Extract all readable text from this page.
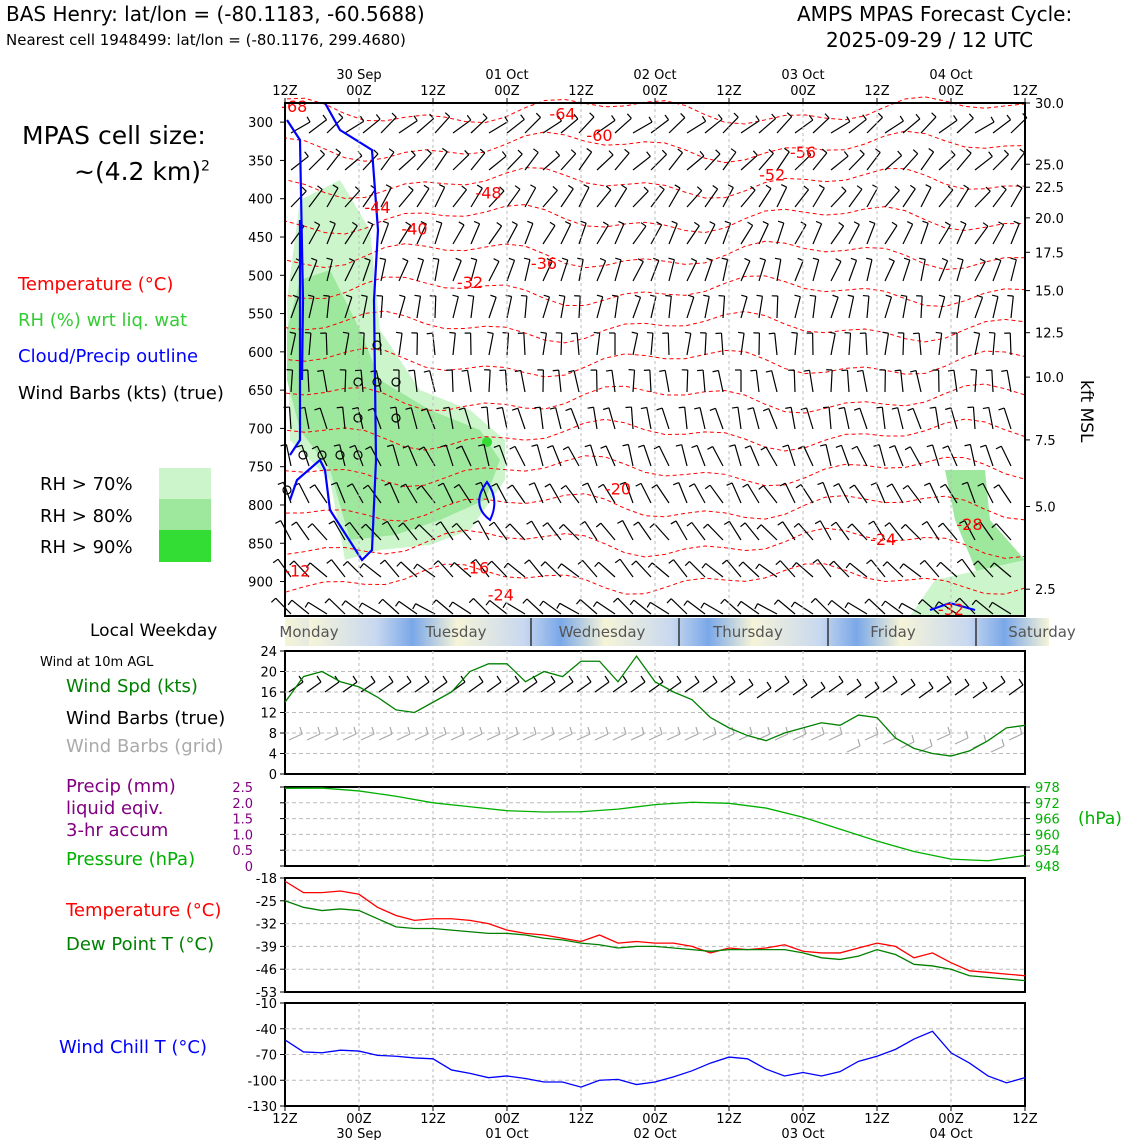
BAS Henry: lat/lon = (-80.1183, -60.5688)
Nearest cell 1948499: lat/lon = (-80.1176, 299.4680)
AMPS MPAS Forecast Cycle:
2025-09-29 / 12 UTC
MPAS cell size:
~(4.2 km)$^2$
Temperature (°C)
RH (%) wrt liq. wat
Cloud/Precip outline
Wind Barbs (kts) (true)
RH > 70%
RH > 80%
RH > 90%
Local Weekday
Wind at 10m AGL
Wind Spd (kts)
Wind Barbs (true)
Wind Barbs (grid)
Precip (mm)
liquid eqiv.
3-hr accum
Pressure (hPa)
Temperature (°C)
Dew Point T (°C)
Wind Chill T (°C)
kft MSL
(hPa)
Monday	Tuesday	Wednesday	Thursday	Friday	Saturday
-68	-64
-60
-56
-52
-48
-44
-40
-36
-32
-20
-12	-16
-24
-24
-28
-32
300
350
400
450
500
550
600
650
700
750
800
850
900
30.0
25.0
22.5
20.0
17.5
15.0
12.5
10.0
7.5
5.0
2.5
12Z	00Z	12Z	00Z	12Z	00Z	12Z	00Z	12Z	00Z	12Z
30 Sep	01 Oct	02 Oct	03 Oct	04 Oct
0
4
8
12
16
20
24
2.5
2.0
1.5
1.0
0.5
0
978
972
966
960
954
948
-18
-25
-32
-39
-46
-53
-10
-40
-70
-100
-130
12Z	00Z	12Z	00Z	12Z	00Z	12Z	00Z	12Z	00Z	12Z
30 Sep	01 Oct	02 Oct	03 Oct	04 Oct
